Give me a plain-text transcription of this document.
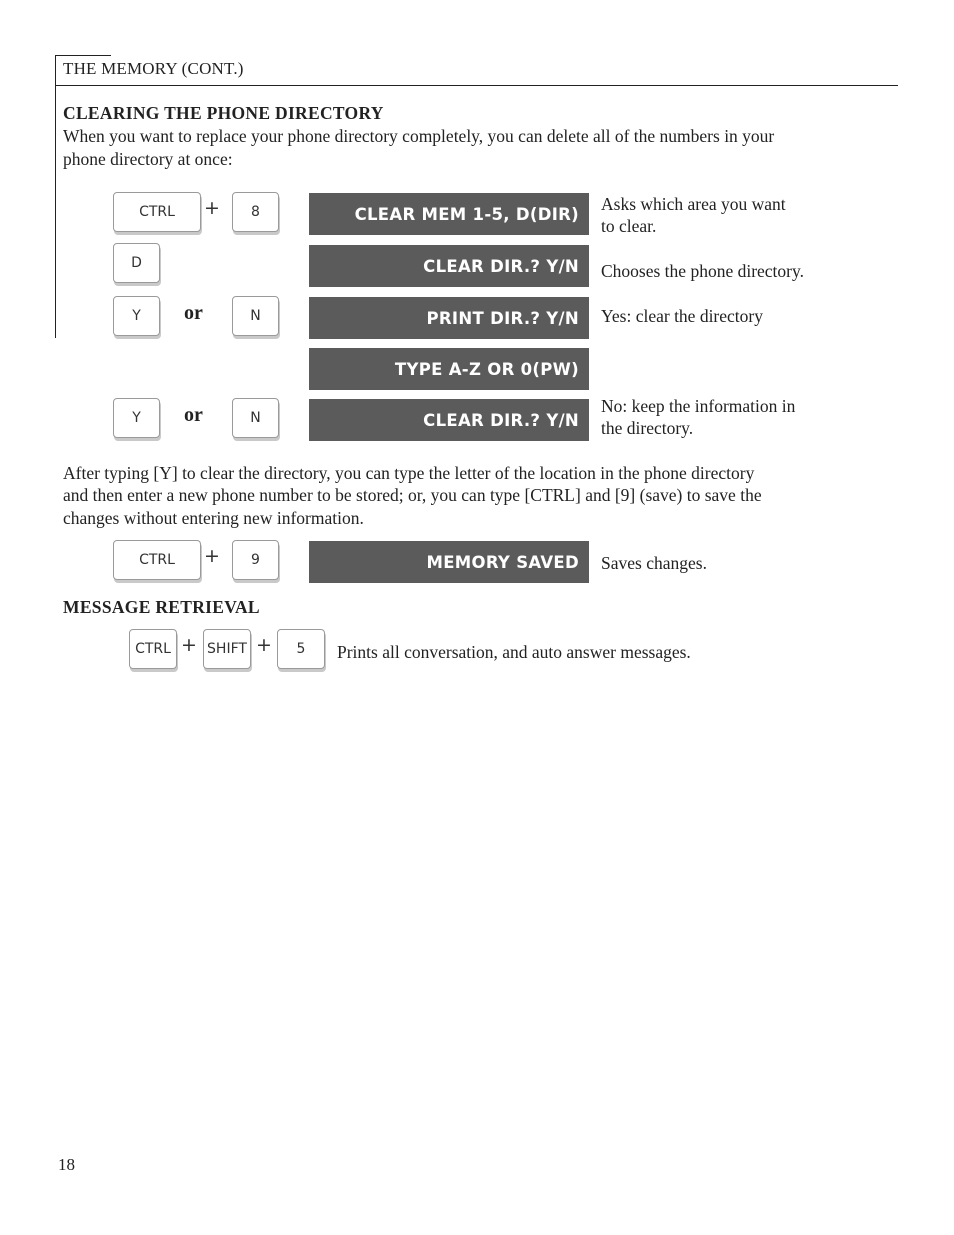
THE MEMORY (CONT.)
CLEARING THE PHONE DIRECTORY
When you want to replace your phone directory completely, you can delete all of the numbers in your
phone directory at once:
CTRL	+	8	CLEAR MEM 1-5, D(DIR)	Asks which area you want
to clear.
D	CLEAR DIR.? Y/N	Chooses the phone directory.
Y	or	N	PRINT DIR.? Y/N	Yes: clear the directory
TYPE A-Z OR 0(PW)
Y	or	N	CLEAR DIR.? Y/N
No: keep the information in
the directory.
After typing [Y] to clear the directory, you can type the letter of the location in the phone directory
and then enter a new phone number to be stored; or, you can type [CTRL] and [9] (save) to save the
changes without entering new information.
CTRL	+	9	MEMORY SAVED	Saves changes.
MESSAGE RETRIEVAL
CTRL + SHIFT +	5	Prints all conversation, and auto answer messages.
18
